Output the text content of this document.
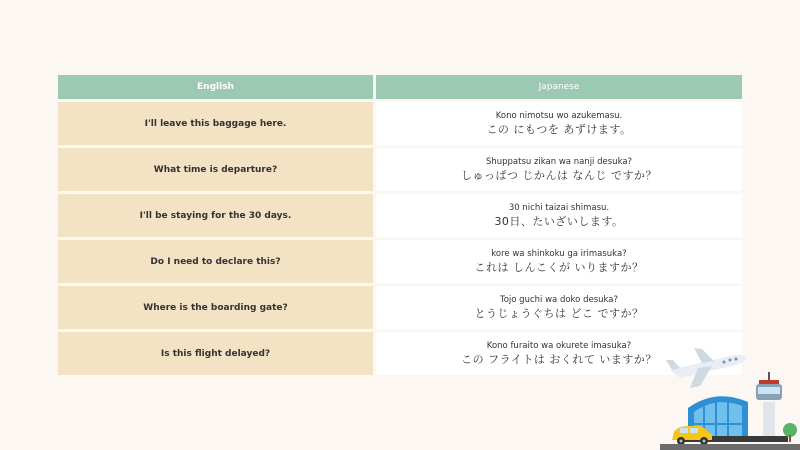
English	Japanese
I'll leave this baggage here.
Kono nimotsu wo azukemasu.
この にもつを あずけます。
What time is departure?
Shuppatsu zikan wa nanji desuka?
しゅっぱつ じかんは なんじ ですか？
I'll be staying for the 30 days.
30 nichi taizai shimasu.
30日、たいざいします。
Do I need to declare this?
kore wa shinkoku ga irimasuka?
これは しんこくが いりますか？
Where is the boarding gate?
Tojo guchi wa doko desuka?
とうじょうぐちは どこ ですか？
Is this flight delayed?
Kono furaito wa okurete imasuka?
この フライトは おくれて いますか？
